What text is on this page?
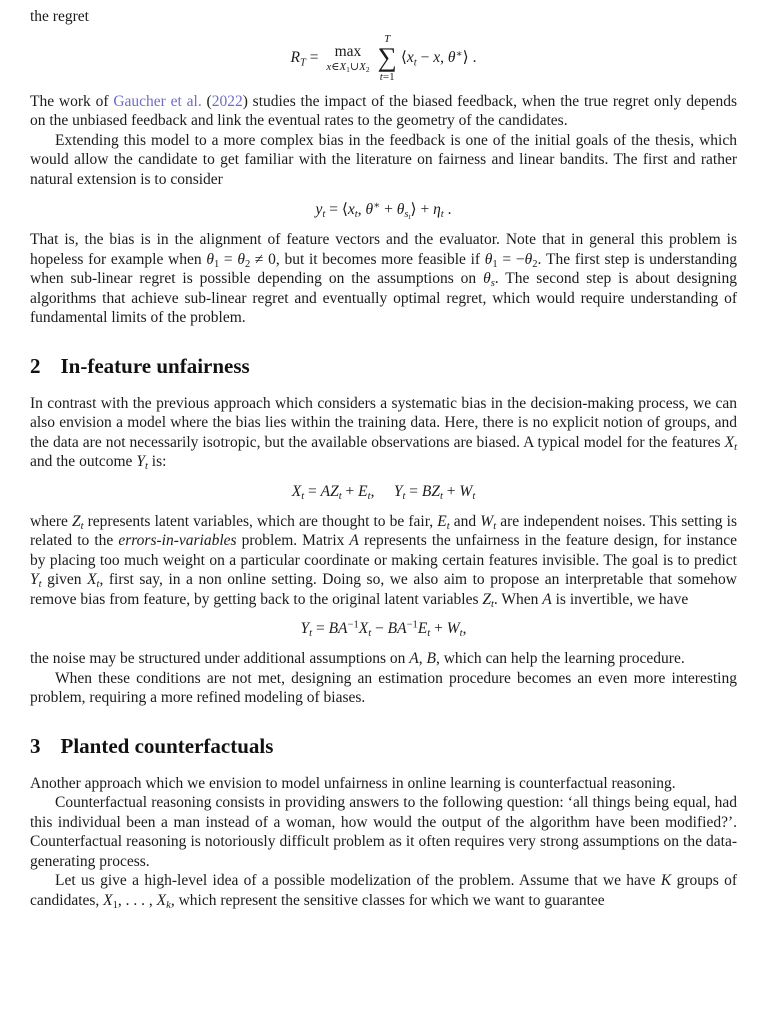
the regret

$R_T = \max$
$x\in X_1\cup X_2$
T
∑
t=1
$⟨x_t - x$, θ∗⟩ .

The work of Gaucher et al. (2022) studies the impact of the biased feedback, when the true regret only depends on the unbiased feedback and link the eventual rates to the geometry of the candidates.

Extending this model to a more complex bias in the feedback is one of the initial goals of the thesis, which would allow the candidate to get familiar with the literature on fairness and linear bandits. The first and rather natural extension is to consider

$y_t$ = $⟨x_t$, $\theta^∗ + \theta_{s_t}⟩ + \eta_t$ .

That is, the bias is in the alignment of feature vectors and the evaluator. Note that in general this problem is hopeless for example when $\theta_1 = \theta_2 \ne 0$, but it becomes more feasible if $\theta_1 = -\theta_2$. The first step is understanding when sub-linear regret is possible depending on the assumptions on $\theta_s$. The second step is about designing algorithms that achieve sub-linear regret and eventually optimal regret, which would require understanding of fundamental limits of the problem.

2 In-feature unfairness

In contrast with the previous approach which considers a systematic bias in the decision-making process, we can also envision a model where the bias lies within the training data. Here, there is no explicit notion of groups, and the data are not necessarily isotropic, but the available observations are biased. A typical model for the features $X_t$ and the outcome $Y_t$ is:

$X_t = AZ_t + E_t$,  $Y_t = BZ_t + W_t$

where $Z_t$ represents latent variables, which are thought to be fair, $E_t$ and $W_t$ are independent noises. This setting is related to the errors-in-variables problem. Matrix A represents the unfairness in the feature design, for instance by placing too much weight on a particular coordinate or making certain features invisible. The goal is to predict $Y_t$ given $X_t$, first say, in a non online setting. Doing so, we also aim to propose an interpretable that somehow remove bias from feature, by getting back to the original latent variables $Z_t$. When A is invertible, we have

$Y_t = BA^{-1}X_t - BA^{-1}E_t + W_t$,

the noise may be structured under additional assumptions on A, B, which can help the learning procedure.

When these conditions are not met, designing an estimation procedure becomes an even more interesting problem, requiring a more refined modeling of biases.

3 Planted counterfactuals

Another approach which we envision to model unfairness in online learning is counterfactual reasoning.

Counterfactual reasoning consists in providing answers to the following question: ‘all things being equal, had this individual been a man instead of a woman, how would the output of the algorithm have been modified?’. Counterfactual reasoning is notoriously difficult problem as it often requires very strong assumptions on the data-generating process.

Let us give a high-level idea of a possible modelization of the problem. Assume that we have K groups of candidates, $X_1$, . . . , $X_k$, which represent the sensitive classes for which we want to guarantee
